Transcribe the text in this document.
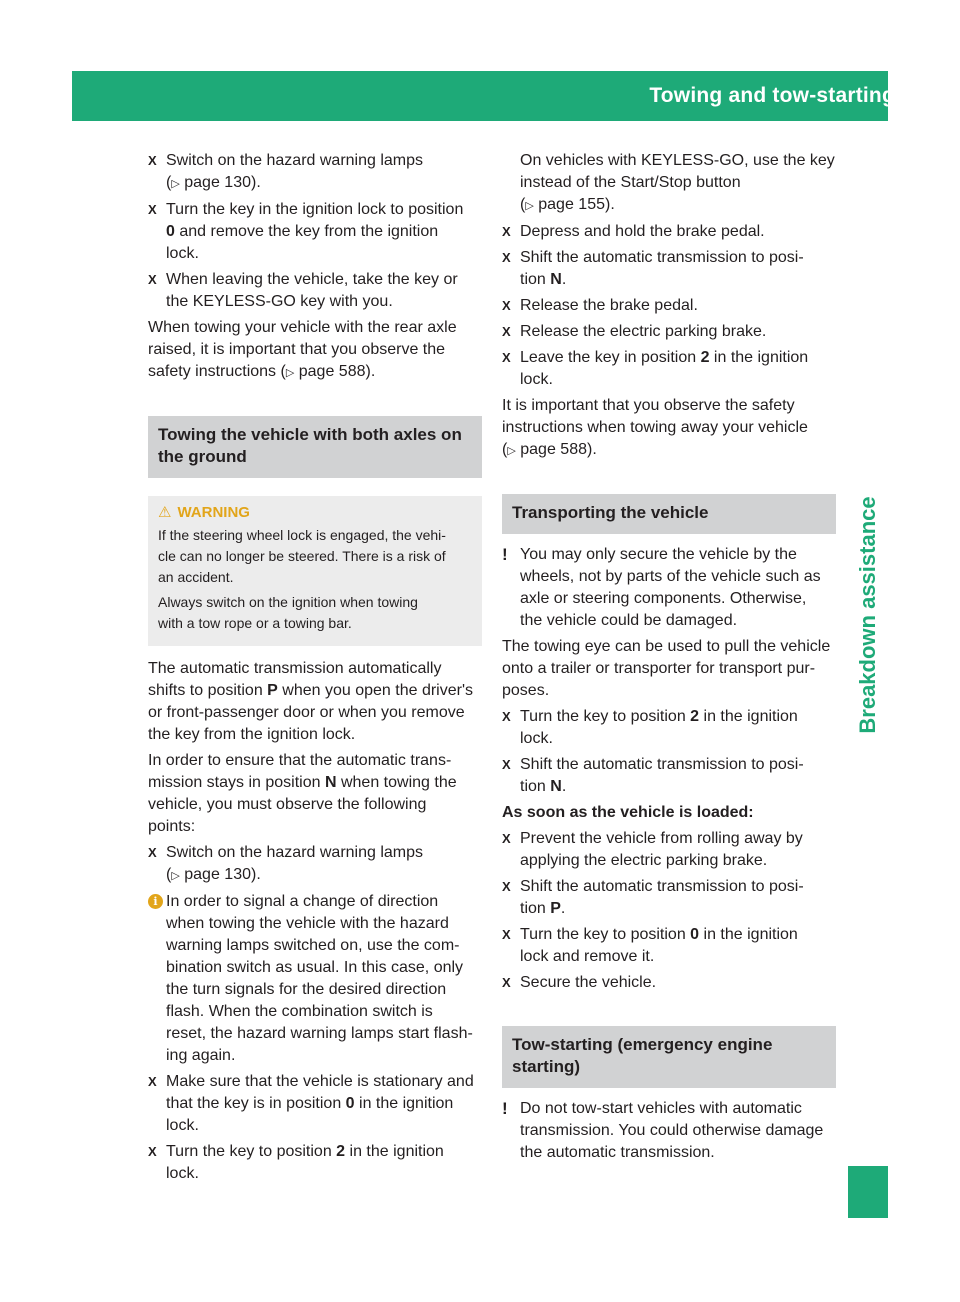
Towing and tow-starting	591
Breakdown assistance
X Switch on the hazard warning lamps
(▷ page 130).
X Turn the key in the ignition lock to position
0 and remove the key from the ignition
lock.
X When leaving the vehicle, take the key or
the KEYLESS-GO key with you.

When towing your vehicle with the rear axle
raised, it is important that you observe the
safety instructions (▷ page 588).

Towing the vehicle with both axles on
the ground
⚠ WARNING

If the steering wheel lock is engaged, the vehi-
cle can no longer be steered. There is a risk of
an accident.

Always switch on the ignition when towing
with a tow rope or a towing bar.

The automatic transmission automatically
shifts to position P when you open the driver's
or front-passenger door or when you remove
the key from the ignition lock.

In order to ensure that the automatic trans-
mission stays in position N when towing the
vehicle, you must observe the following
points:

X Switch on the hazard warning lamps
(▷ page 130).
i In order to signal a change of direction
when towing the vehicle with the hazard
warning lamps switched on, use the com-
bination switch as usual. In this case, only
the turn signals for the desired direction
flash. When the combination switch is
reset, the hazard warning lamps start flash-
ing again.
X Make sure that the vehicle is stationary and
that the key is in position 0 in the ignition
lock.
X Turn the key to position 2 in the ignition
lock.

On vehicles with KEYLESS-GO, use the key
instead of the Start/Stop button
(▷ page 155).

X Depress and hold the brake pedal.
X Shift the automatic transmission to posi-
tion N.
X Release the brake pedal.
X Release the electric parking brake.
X Leave the key in position 2 in the ignition
lock.

It is important that you observe the safety
instructions when towing away your vehicle
(▷ page 588).

Transporting the vehicle
! You may only secure the vehicle by the
wheels, not by parts of the vehicle such as
axle or steering components. Otherwise,
the vehicle could be damaged.

The towing eye can be used to pull the vehicle
onto a trailer or transporter for transport pur-
poses.

X Turn the key to position 2 in the ignition
lock.
X Shift the automatic transmission to posi-
tion N.
As soon as the vehicle is loaded:
X Prevent the vehicle from rolling away by
applying the electric parking brake.
X Shift the automatic transmission to posi-
tion P.
X Turn the key to position 0 in the ignition
lock and remove it.
X Secure the vehicle.
Tow-starting (emergency engine
starting)
! Do not tow-start vehicles with automatic
transmission. You could otherwise damage
the automatic transmission.
